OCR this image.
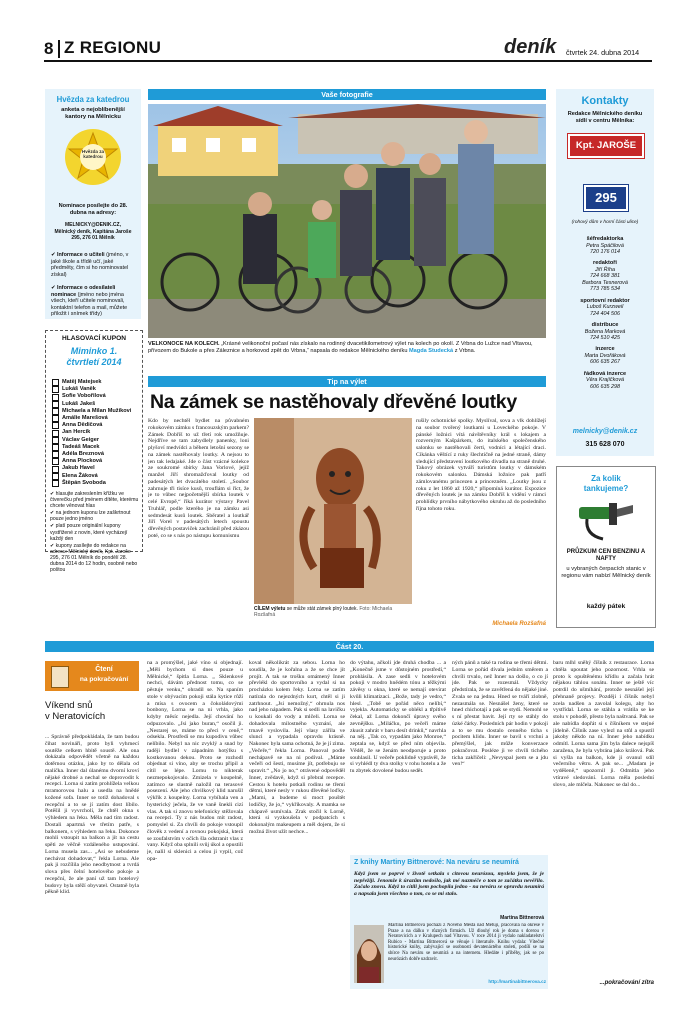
8 Z REGIONU	deník čtvrtek 24. dubna 2014
Hvězda za katedrou
anketa o nejoblíbenější kantory na Mělnicku
Hvězda za katedrou
Nominace posílejte do 28. dubna na adresy:
MELNICKY@DENIK.CZ,
Mělnický deník, Kapitána Jaroše 295, 276 01 Mělník
✔ Informace o učiteli (jméno, v jaké škole a třídě učí, jaké předměty, čím si ho nominovatel získal)
✔ Informace o odesílateli nominace (jméno nebo jména všech, kteří učitele nominovali, kontaktní telefon a mail, můžete přiložit i snímek třídy)
HLASOVACÍ KUPON
Miminko 1.
čtvrtletí 2014
Matěj Matejsek
Lukáš Vaněk
Sofie Vobořilová
Lukáš Jakeš
Michaela a Milan Mužíkovi
Amálie Marešová
Anna Dědičová
Jan Hercík
Václav Geiger
Tadeáš Macek
Adéla Breznová
Anna Plocková
Jakub Havel
Elena Žáková
Štěpán Svoboda
✔ hlasujte zakreslením křížku ve čtverečku před jménem dítěte, kterému chcete věnovat hlas
✔ na jednom kuponu lze zaškrtnout pouze jedno jméno
✔ platí pouze originální kupony vystřižené z novin, které vycházejí každý den
✔ kupony zasílejte do redakce na adresu: Mělnický deník, Kpt. Jaroše 295, 276 01 Mělník do pondělí 28. dubna 2014 do 12 hodin, osobně nebo poštou
Vaše fotografie
VELKONOCE NA KOLECH. „Krásné velikonoční počasí nás získalo na rodinný dvacetikilometrový výlet na kolech po okolí. Z Vrbna do Lužce nad Vltavou, přívozem do Bukole a přes Záleznice a horkovod zpět do Vrbna,“ napsala do redakce Mělnického deníku Magda Studecká z Vrbna.
Tip na výlet
Na zámek se nastěhovaly dřevěné loutky
Kdo by nechtěl bydlet na půvabném rokokovém zámku s francouzským parkem? Zámek Dobříš to už třetí rok umožňuje. Nejdříve se tam zabydlely panenky, loni plyšoví medvídci a během letošní sezony se na zámek nastěhovaly loutky. A nejsou to jen tak ledajaké. Jde o část vzácné kolekce ze soukromé sbírky Jana Vorlové, jejíž manžel Jiří shromažďoval loutky od padesátých let dvacátého století. „Soubor zahrnuje tři tisíce kusů, trouflám si říct, že je to vůbec nejpočetnější sbírka loutek v celé Evropě,“ říká kurátor výstavy Pavel Truhlář, podle kterého je na zámku asi sedmdesát kusů loutek. Sběratel a loutkář Jiří Vorel v padesátých letech spoustu dřevěných postaviček zachránil před zkázou poté, co se s nás po nástupu komunismu
CÍLEM výletu se může stát zámek plný loutek. Foto: Michaela Rozšafná
rušily ochotnické spolky. Myslíval, sova a vlk dohlížejí na soubor tvořený loutkami u Loveckého pokoje. V pánské ložnici vítá návštěvníky král s lokajem a rozverným Kašpárkem, do italského společenského salonku se nastěhovali čerti, vodníci a létající draci. Cíkánka věštící z ruky šlechtičně na jedné straně, dámy sledující představení loutkového divadla na straně druhé. Takový obrázek vytváří turistům loutky v dámském rokokovém salonku. Dámská ložnice pak patří zámlovanému princezen a princezněm. „Loutky jsou z roku z let 1860 až 1920,“ připomíná kurátor. Expozice dřevěných loutek je na zámku Dobříš k vidění v rámci prohlídky prvního nábytkového okruhu až do posledního října tohoto roku.
Michaela Rozšafná
Kontakty
Redakce Mělnického deníku sídlí v centru Mělníka:
Kpt. JAROŠE
295
(rohový dům v horní části ulice)
šéfredaktorka
Petra Spáčilová
720 176 014
redaktoři
Jiří Říha
724 668 381
Barbora Tesnerová
773 785 534
sportovní redaktor
Luboš Kurzweil
724 404 506
distribuce
Božena Marková
724 510 425
inzerce
Marta Dvořáková
606 635 267
řádková inzerce
Věra Krajíčková
606 635 298
melnicky@denik.cz
315 628 070
Za kolik tankujeme?
PRŮZKUM CEN BENZINU A NAFTY
u vybraných čerpacích stanic v regionu vám nabízí Mělnický deník
každý pátek
Část 20.
Čtení
na pokračování
Víkend snů
v Neratovicích
... Správně předpokládala, že tam budou čihat novináři, proto byli vyhrnecí soutěže celkem hbitě soustě. Ale ona dokázala odpovědět včetně na každou dotěrnou otázku, jako by to dělala od malička. Inner dal úlanému dvorní kroví nějaké drobné a nechal se doprovodit k recepci. Lorna si zatím prohlížela velkou mramorovou halu a usedla na hnědé kožené sofa. Inner se totiž dohadoval s recepční a to se jí zatím dost líbilo. Potěšil ji vyvrcholí, že chtěl okna s výhledem na řeku. Měla nad tím radost. Dostali apartmá ve třetím patře, s balkonem, s výhledem na řeku. Dokonce mohli vstoupit na balkon a jít na cestu spěti ze věčně vzdáleného ustupování. Lorna musela zas... „Asi se nebudeme nechávat dohadovat,“ řekla Lorna. Ale pak ji rozčílila jeho neodbytnost a tvrdá slova přes čelní hotelového pokoje a recepční, že ale paní už tam hotelový budovy byla stěží obyvatel. Ostatně byla pěkně klid.
na a promýšlel, jaké víno si objednají. „Měli bychom si dnes pouze u Mělnické,“ špitla Lorna. „ Sklenkové nechci, dávám přednost tomu, co se pěstuje venku,“ ohradil se. Na spaním stole v obývacím pokoji stála kytice růží a mísa s ovocem a čokoládovými bonbony, Lorna se na ni vrhla, jako kdyby měsíc nejedla. Její chování ho odpuzovalo. „Jsi jako buran,“ osočil ji. „Nestarej se, máme to přeci v ceně,“ odsekla. Prostředí se mu kupodivu vůbec nelíbilo. Nebyl na nic zvyklý a snad by raději bydlel v západním hotýlku s kostkovanou dekou. Proto se rozhodl objednat si víno, aby se trochu připil a cítil se lépe. Lornu to nikterak nezmepokojovalo. Zmizela v koupelně, zatímco se slastně naložil na terasové posezení. Ale jeho chvilkový klid narušil výkřik z koupelny. Lorna vybíhala ven a hysterický ječela, že ve vaně šnekli cizí vlas. A tak si znovu telefonicky stěžovala na recepci. Ty z nás budou mít radost, pomyslel si. Za chvíli do pokoje vstoupil člověk z vedení a rovnou pokojská, která se zoufalstvím v očích šla odstranit vlas z vany. Když oba splnili svůj úkol a opustili je, nalil si sklenici a celou ji vypil, což opa-
koval několikrát za sebou. Lorna ho soudila, že je kořalna a že se chce jít projít. A tak se trošku omámený Inner převlékl do sportovního a vydal si na procházku kolem řeky. Lorna se zatím natírala do nejezdných kurt, chtěl si ji zatrhnout. „Jsi nemožný,“ ohrnula nos nad jeho nápadem. Pak si sedli na lavičku u koukali do vody a mlčeli. Lorna se dohadovala milostného vyznání, ale trnavě vyslovila. Její vlasy zářila ve slunci a vypadala opravdu krásně. Nakonec byla sama ochotná, že je jí zima. „Večeře,“ řekla Lorna. Panoval podle nechápavě se na ni podíval. „Máme večeři od šesti, musíme jít, potřebuju se upravit.“ „No jo no,“ otrávené odpověděl Inner, zvědavě, když si přebral recepce. Cestou k hotelu potkali rodinu se třemi dětmi, které nesly v rukou dřevěné loďky. „Mami, a budeme si moct pouštět lodičky, že jo,“ vykřikovaly. A mamka se chápavě usmívala. Zrak stočil k Lorně, která si vyzkoušela v podpatcích s dokonalým makeupem a měl dojem, že si možná život užít nechce...
do výtahu, ačkoli jde druhá chodba ... a „Konečně jsme v důstojném prostředí,“ prohlásila. A zase sedli v hotelovém pokoji v modro hnědém tónu a těžkými závěsy u okna, které se nemají otevírat kvůli klimatizaci. „Bože, tady je vedro,“ hlesl. „Tobě se pořád něco nelíbí,“ vyjekla. Automaticky se oblékl a třpítivě čekal, až Lorna dokončí úpravy svého zevnějšku. „Miláčku, po večeři máme zkusit zahrát v baru desít drinků,“ navrhla na něj. „Tak co, vypadám jako Monroe,“ zeptala se, když se před ním objevila. Věděl, že se ženám neodporuje a proto souhlasil. U večeře poklidně vyprávěl, že si vyhlédl ty dva stolky v rohu hotelu a že tu zbytek dovolené budou sedět.
ných pánů a také ta rodina se třemi dětmi. Lorna se pořád dívala jedním směrem a chvíli trvalo, než Inner na došlo, o co jí jde. Pak se rozesmál. Vždycky předstírala, že se zavětřená do nějaké jiné. Zvala se na jednu. Hned se tváří zlobně, nezasmála se. Nesnášel ženy, které se hned chichotají a pak se stydí. Nemohl se s ní přestat bavit. Její rty se stáhly do úzké čárky. Posledních pár hodin v pokoji a to se mu dostalo cenného ticha s pocitem klidu. Inner se bavil s vrchní a přemýšlel, jak může konverzace pokračovat. Posléze ji ve chvíli tichého ticha zakřičeli: „Nevyspal jsem se a jdu ven!“
baru mlhl sněhý číšník z restaurace. Lorna chtěla upoutat jeho pozornost. Vrhla se proto k opuštěnému křídlu a začala hrát nějakou táhlou sonátu. Inner se ještě víc potrdil do ušmíhání, protože nesnášel její přehnaně projevy. Později i číšník nebyl zcela nadšen a zavolal kolegu, aby ho vystřídal. Lorna se stáhla a vrátila se ke stolu v pohodě, přesto byla naštvaná. Pak se ale nabídla dopřát si s číšníkem ve stejné jídelně. Číšník zase vylezl na stůl a spustil jakoby někdo na ní. Inner jeho nabídku odmítl. Lorna sama jím byla dalece nejspíš zaražena, že byla vybrána jako králová. Pak si vyšla na balkon, kde ji ovanul sdíl večerního větru. A pak se... „Madam je vyděšeně,“ upozornil ji. Odmítla jeho vtíravé sledování. Lorna měla poslední slovo, ale mlčela. Nakonec se dal do...
...pokračování zítra
Z knihy Martiny Bittnerové: Na neváru se neumírá
Když jsem se poprvé v životě setkala s citovou neurózou, myslela jsem, že je nepřežiji. Jenomže k úrazům nedošlo, jak mé nazméče o tom ze začátku nevěřilo. Začalo znovu. Když to cítili jsem pochopila jedno - na neváru se opravdu neumírá a napsala jsem všechno o tom, co se mi stalo.
Martina Bittnerová
Martina Bittnerová pochází z Nového Města nad Metují, pracovala na okrese v Praze a na dálku v různých firmách. Už dlouhý rok je doma s dcerou v Neratovicích a v Kralupech nad Vltavou. V roce 2014 ji vydalo nakladatelství Rubico - Martina Bittnerová se věnuje i literatuře. Knihu vydala: Vítečné historické knihy, zabývající se osobností devatenáctého století, podílí se na sbírce Na neváru se neumírá a na internetu. Hledáte i příběhy, jak se po neurózách dobře uzdravit.
http://martinabittnerova.cz
